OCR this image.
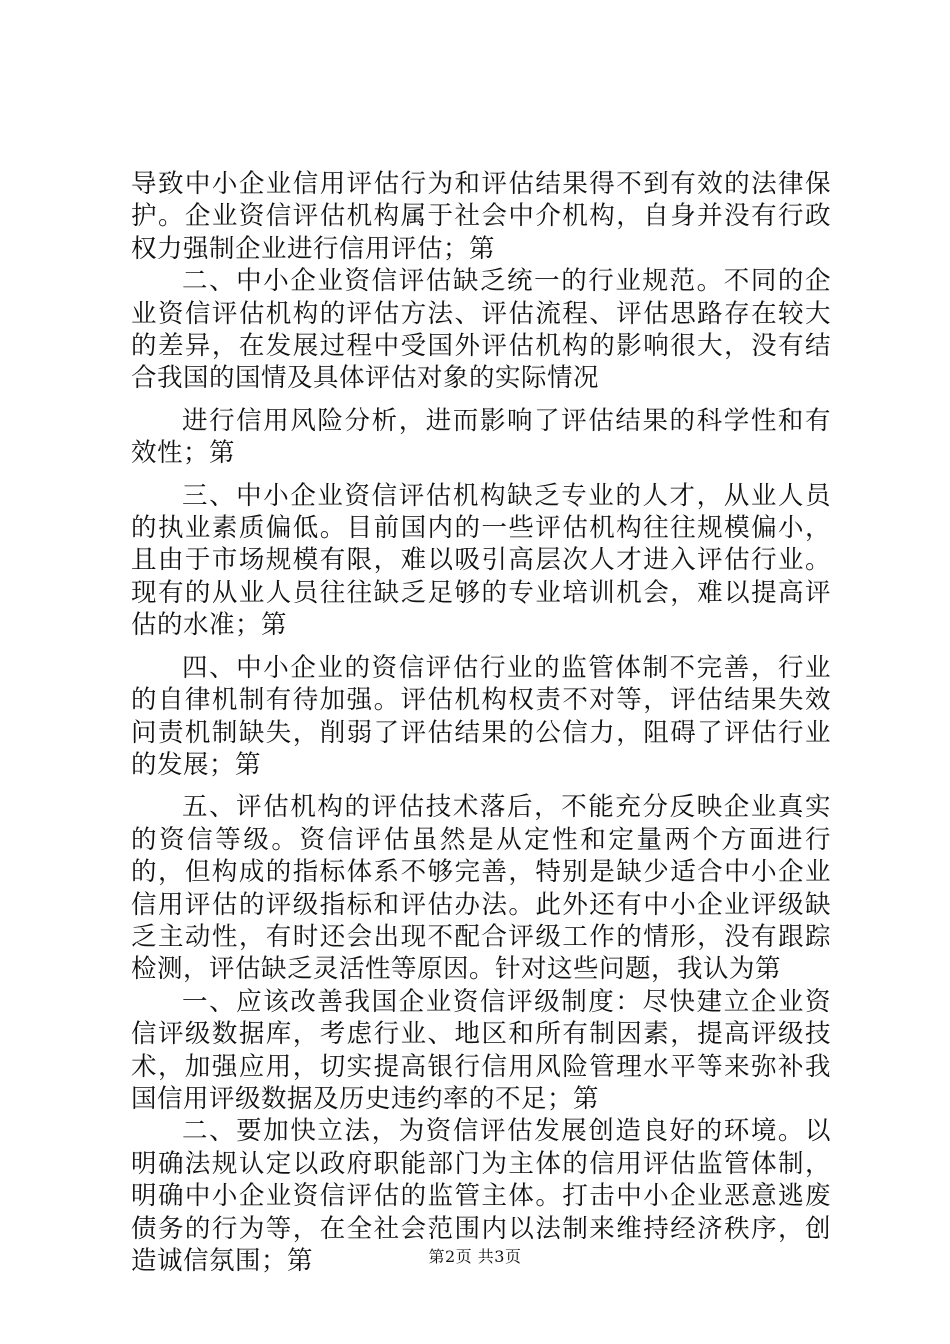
导致中小企业信用评估行为和评估结果得不到有效的法律保护。企业资信评估机构属于社会中介机构，自身并没有行政权力强制企业进行信用评估；第

二、中小企业资信评估缺乏统一的行业规范。不同的企业资信评估机构的评估方法、评估流程、评估思路存在较大的差异，在发展过程中受国外评估机构的影响很大，没有结合我国的国情及具体评估对象的实际情况

进行信用风险分析，进而影响了评估结果的科学性和有效性；第

三、中小企业资信评估机构缺乏专业的人才，从业人员的执业素质偏低。目前国内的一些评估机构往往规模偏小，且由于市场规模有限，难以吸引高层次人才进入评估行业。现有的从业人员往往缺乏足够的专业培训机会，难以提高评估的水准；第

四、中小企业的资信评估行业的监管体制不完善，行业的自律机制有待加强。评估机构权责不对等，评估结果失效问责机制缺失，削弱了评估结果的公信力，阻碍了评估行业的发展；第

五、评估机构的评估技术落后，不能充分反映企业真实的资信等级。资信评估虽然是从定性和定量两个方面进行的，但构成的指标体系不够完善，特别是缺少适合中小企业信用评估的评级指标和评估办法。此外还有中小企业评级缺乏主动性，有时还会出现不配合评级工作的情形，没有跟踪检测，评估缺乏灵活性等原因。针对这些问题，我认为第

一、应该改善我国企业资信评级制度：尽快建立企业资信评级数据库，考虑行业、地区和所有制因素，提高评级技术，加强应用，切实提高银行信用风险管理水平等来弥补我国信用评级数据及历史违约率的不足；第

二、要加快立法，为资信评估发展创造良好的环境。以明确法规认定以政府职能部门为主体的信用评估监管体制，明确中小企业资信评估的监管主体。打击中小企业恶意逃废债务的行为等，在全社会范围内以法制来维持经济秩序，创造诚信氛围；第	第2页 共3页
